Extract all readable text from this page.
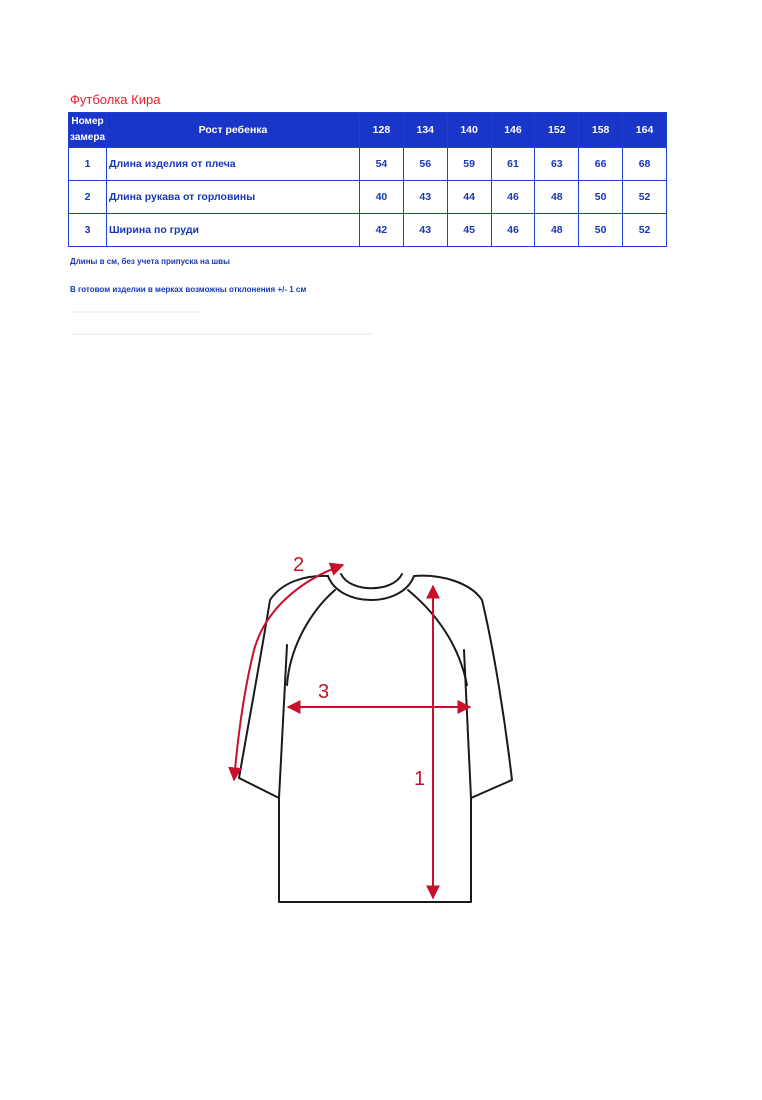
Футболка Кира
Номер
замера	Рост ребенка	128	134	140	146	152	158	164
1	Длина изделия от плеча	54	56	59	61	63	66	68
2	Длина рукава от горловины	40	43	44	46	48	50	52
3	Ширина по груди	42	43	45	46	48	50	52
Длины в см, без учета припуска на швы
В готовом изделии в мерках возможны отклонения +/- 1 см
1
2
3
